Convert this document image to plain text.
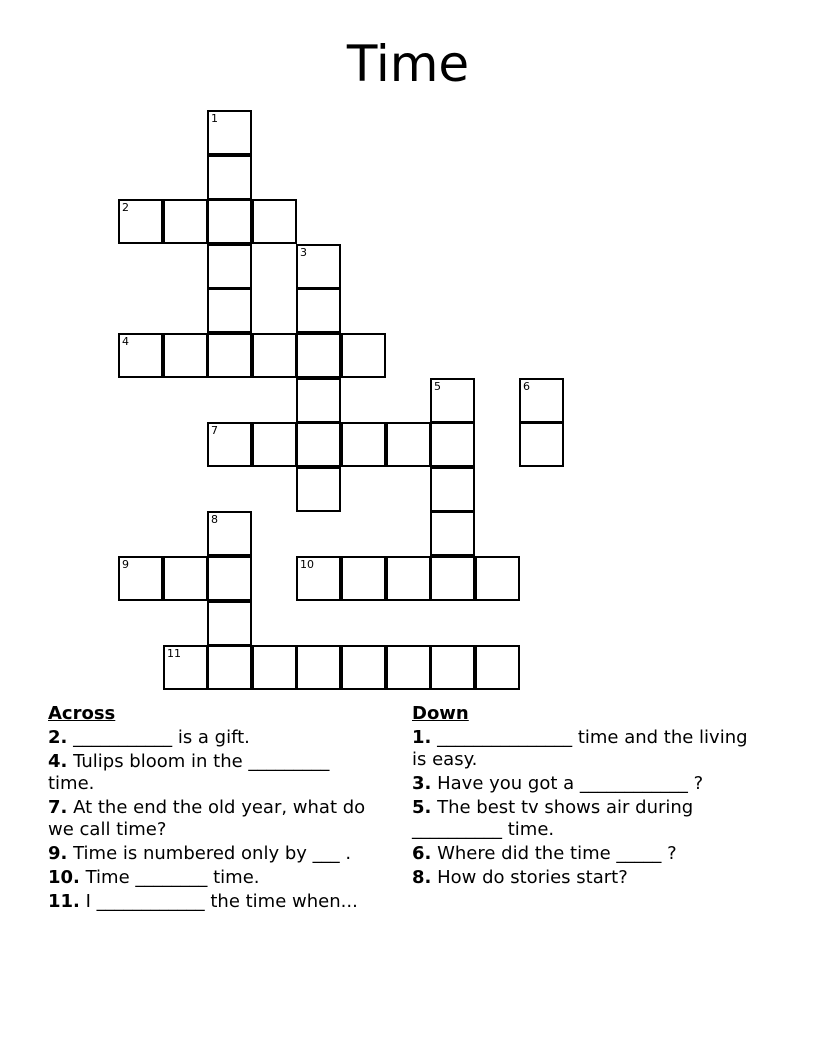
Time
1
2
3
4
5	6
7
8
9	10
11
Across
2. ___________ is a gift.
4. Tulips bloom in the _________ time.
7. At the end the old year, what do we call time?
9. Time is numbered only by ___ .
10. Time ________ time.
11. I ____________ the time when...
Down
1. _______________ time and the living is easy.
3. Have you got a ____________ ?
5. The best tv shows air during __________ time.
6. Where did the time _____ ?
8. How do stories start?
